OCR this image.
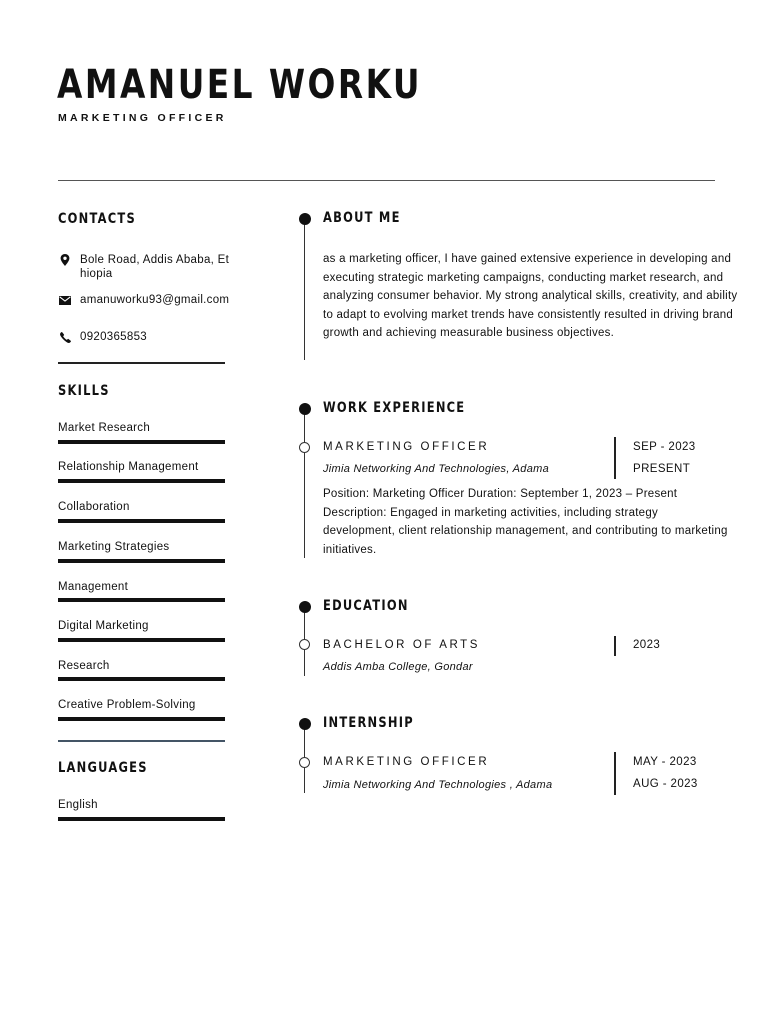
AMANUEL WORKU
MARKETING OFFICER
CONTACTS
Bole Road, Addis Ababa, Ethiopia
amanuworku93@gmail.com
0920365853
SKILLS
Market Research
Relationship Management
Collaboration
Marketing Strategies
Management
Digital Marketing
Research
Creative Problem-Solving
LANGUAGES
English
ABOUT ME
as a marketing officer, I have gained extensive experience in developing and executing strategic marketing campaigns, conducting market research, and analyzing consumer behavior. My strong analytical skills, creativity, and ability to adapt to evolving market trends have consistently resulted in driving brand growth and achieving measurable business objectives.
WORK EXPERIENCE
MARKETING OFFICER
Jimia Networking And Technologies, Adama
SEP - 2023
PRESENT
Position: Marketing Officer Duration: September 1, 2023 – Present Description: Engaged in marketing activities, including strategy development, client relationship management, and contributing to marketing initiatives.
EDUCATION
BACHELOR OF ARTS
Addis Amba College, Gondar
2023
INTERNSHIP
MARKETING OFFICER
Jimia Networking And Technologies , Adama
MAY - 2023
AUG - 2023
